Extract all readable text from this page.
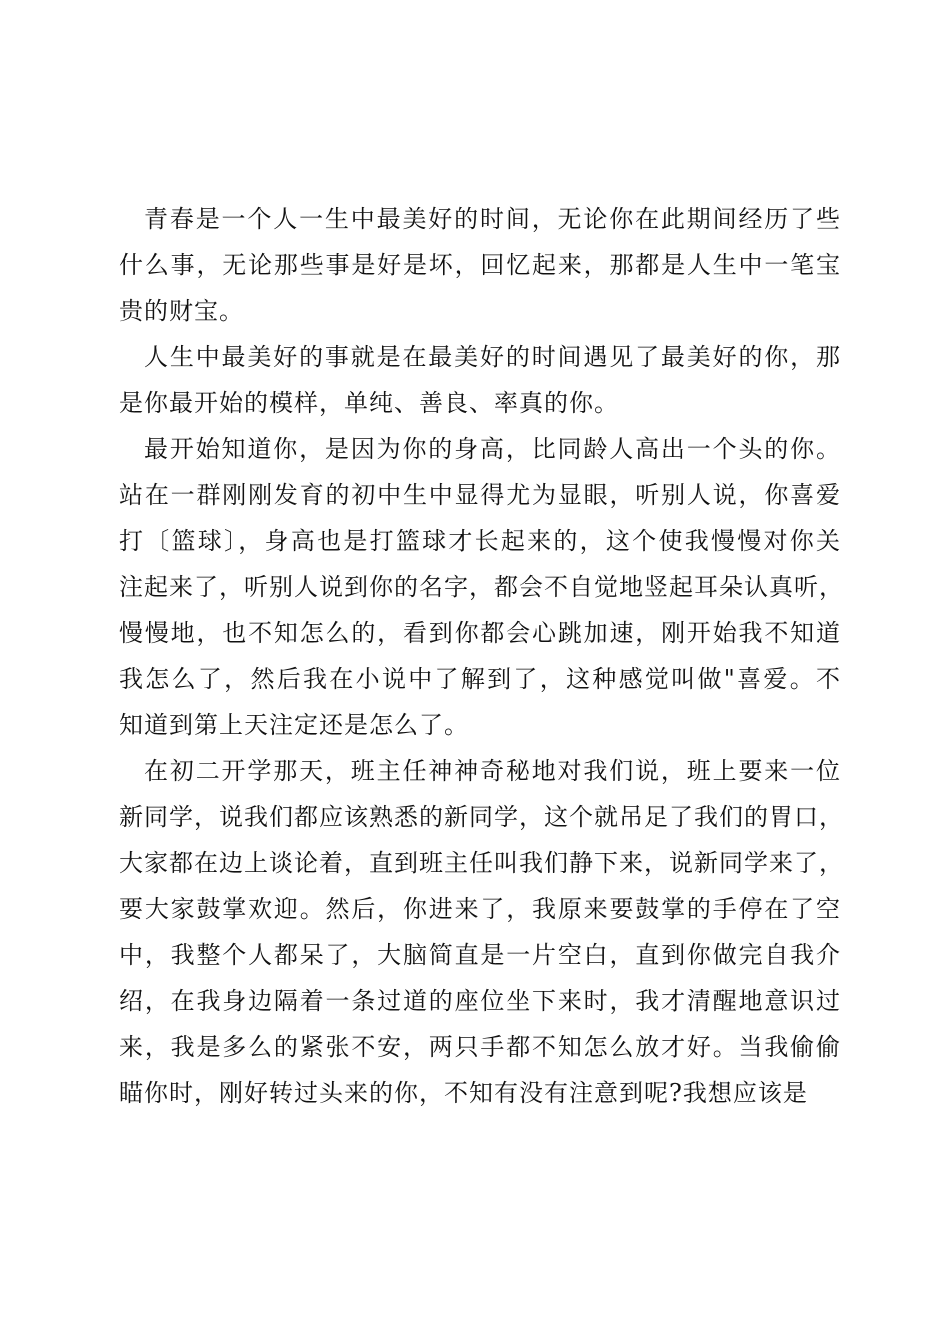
青春是一个人一生中最美好的时间，无论你在此期间经历了些
什么事，无论那些事是好是坏，回忆起来，那都是人生中一笔宝
贵的财宝。
人生中最美好的事就是在最美好的时间遇见了最美好的你，那
是你最开始的模样，单纯、善良、率真的你。
最开始知道你，是因为你的身高，比同龄人高出一个头的你。
站在一群刚刚发育的初中生中显得尤为显眼，听别人说，你喜爱
打〔篮球〕，身高也是打篮球才长起来的，这个使我慢慢对你关
注起来了，听别人说到你的名字，都会不自觉地竖起耳朵认真听，
慢慢地，也不知怎么的，看到你都会心跳加速，刚开始我不知道
我怎么了，然后我在小说中了解到了，这种感觉叫做"喜爱。不
知道到第上天注定还是怎么了。
在初二开学那天，班主任神神奇秘地对我们说，班上要来一位
新同学，说我们都应该熟悉的新同学，这个就吊足了我们的胃口，
大家都在边上谈论着，直到班主任叫我们静下来，说新同学来了，
要大家鼓掌欢迎。然后，你进来了，我原来要鼓掌的手停在了空
中，我整个人都呆了，大脑简直是一片空白，直到你做完自我介
绍，在我身边隔着一条过道的座位坐下来时，我才清醒地意识过
来，我是多么的紧张不安，两只手都不知怎么放才好。当我偷偷
瞄你时，刚好转过头来的你，不知有没有注意到呢?我想应该是
